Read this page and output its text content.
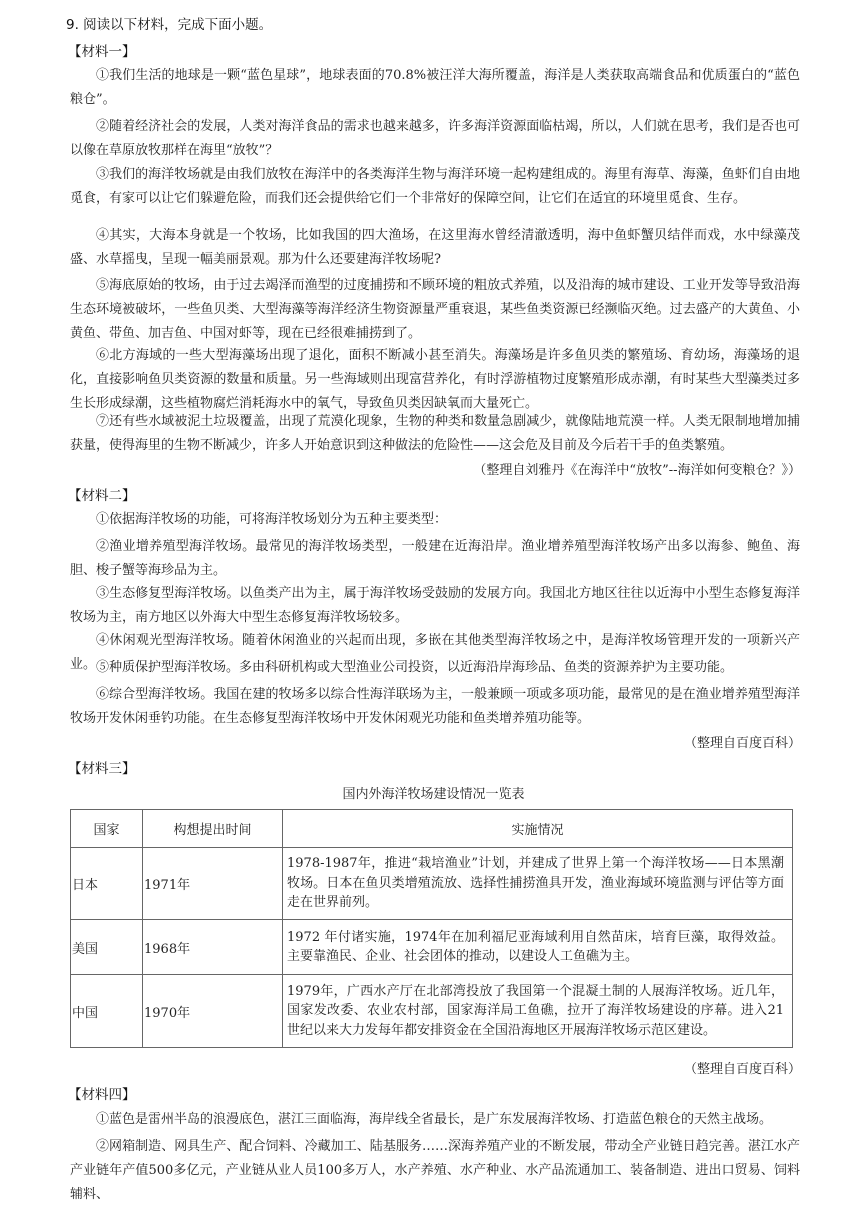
9. 阅读以下材料，完成下面小题。
【材料一】

①我们生活的地球是一颗“蓝色星球”，地球表面的70.8%被汪洋大海所覆盖，海洋是人类获取高端食品和优质蛋白的“蓝色粮仓”。

②随着经济社会的发展，人类对海洋食品的需求也越来越多，许多海洋资源面临枯竭，所以，人们就在思考，我们是否也可以像在草原放牧那样在海里“放牧”？

③我们的海洋牧场就是由我们放牧在海洋中的各类海洋生物与海洋环境一起构建组成的。海里有海草、海藻，鱼虾们自由地觅食，有家可以让它们躲避危险，而我们还会提供给它们一个非常好的保障空间，让它们在适宜的环境里觅食、生存。

④其实，大海本身就是一个牧场，比如我国的四大渔场，在这里海水曾经清澈透明，海中鱼虾蟹贝结伴而戏，水中绿藻茂盛、水草摇曳，呈现一幅美丽景观。那为什么还要建海洋牧场呢?

⑤海底原始的牧场，由于过去竭泽而渔型的过度捕捞和不顾环境的粗放式养殖，以及沿海的城市建设、工业开发等导致沿海生态环境被破坏，一些鱼贝类、大型海藻等海洋经济生物资源量严重衰退，某些鱼类资源已经濒临灭绝。过去盛产的大黄鱼、小黄鱼、带鱼、加吉鱼、中国对虾等，现在已经很难捕捞到了。

⑥北方海域的一些大型海藻场出现了退化，面积不断减小甚至消失。海藻场是许多鱼贝类的繁殖场、育幼场，海藻场的退化，直接影响鱼贝类资源的数量和质量。另一些海域则出现富营养化，有时浮游植物过度繁殖形成赤潮，有时某些大型藻类过多生长形成绿潮，这些植物腐烂消耗海水中的氧气，导致鱼贝类因缺氧而大量死亡。

⑦还有些水域被泥土垃圾覆盖，出现了荒漠化现象，生物的种类和数量急剧减少，就像陆地荒漠一样。人类无限制地增加捕获量，使得海里的生物不断减少，许多人开始意识到这种做法的危险性——这会危及目前及今后若干手的鱼类繁殖。

（整理自刘雅丹《在海洋中“放牧”--海洋如何变粮仓？》）
【材料二】

①依据海洋牧场的功能，可将海洋牧场划分为五种主要类型：

②渔业增养殖型海洋牧场。最常见的海洋牧场类型，一般建在近海沿岸。渔业增养殖型海洋牧场产出多以海参、鲍鱼、海胆、梭子蟹等海珍品为主。

③生态修复型海洋牧场。以鱼类产出为主，属于海洋牧场受鼓励的发展方向。我国北方地区往往以近海中小型生态修复海洋牧场为主，南方地区以外海大中型生态修复海洋牧场较多。

④休闲观光型海洋牧场。随着休闲渔业的兴起而出现，多嵌在其他类型海洋牧场之中，是海洋牧场管理开发的一项新兴产业。 ⑤种质保护型海洋牧场。多由科研机构或大型渔业公司投资，以近海沿岸海珍品、鱼类的资源养护为主要功能。

⑥综合型海洋牧场。我国在建的牧场多以综合性海洋联场为主，一般兼顾一项或多项功能，最常见的是在渔业增养殖型海洋牧场开发休闲垂钓功能。在生态修复型海洋牧场中开发休闲观光功能和鱼类增养殖功能等。

（整理自百度百科）
【材料三】
国内外海洋牧场建设情况一览表
国家	构想提出时间	实施情况
日本	1971年	1978-1987年，推进“栽培渔业”计划，并建成了世界上第一个海洋牧场——日本黑潮牧场。日本在鱼贝类增殖流放、选择性捕捞渔具开发，渔业海域环境监测与评估等方面走在世界前列。
美国	1968年	1972 年付诸实施，1974年在加利福尼亚海域利用自然苗床，培育巨藻，取得效益。主要靠渔民、企业、社会团体的推动，以建设人工鱼礁为主。
中国	1970年	1979年，广西水产厅在北部湾投放了我国第一个混凝土制的人展海洋牧场。近几年，国家发改委、农业农村部，国家海洋局工鱼礁，拉开了海洋牧场建设的序幕。进入21世纪以来大力发每年都安排资金在全国沿海地区开展海洋牧场示范区建设。
（整理自百度百科）
【材料四】

①蓝色是雷州半岛的浪漫底色，湛江三面临海，海岸线全省最长，是广东发展海洋牧场、打造蓝色粮仓的天然主战场。

②网箱制造、网具生产、配合饲料、冷藏加工、陆基服务……深海养殖产业的不断发展，带动全产业链日趋完善。湛江水产产业链年产值500多亿元，产业链从业人员100多万人，水产养殖、水产种业、水产品流通加工、装备制造、进出口贸易、饲料辅料、
